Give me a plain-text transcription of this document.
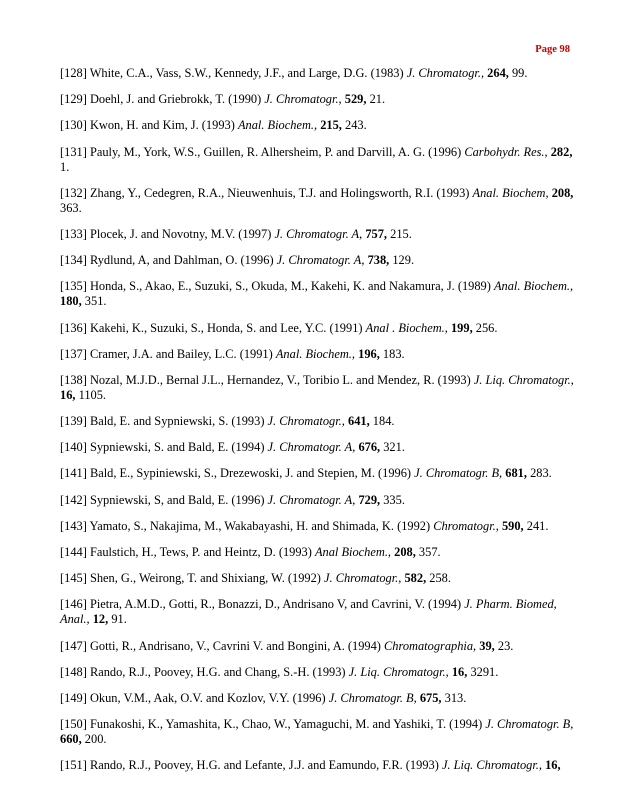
Page 98

[128] White, C.A., Vass, S.W., Kennedy, J.F., and Large, D.G. (1983) J. Chromatogr., 264, 99.

[129] Doehl, J. and Griebrokk, T. (1990) J. Chromatogr., 529, 21.

[130] Kwon, H. and Kim, J. (1993) Anal. Biochem., 215, 243.

[131] Pauly, M., York, W.S., Guillen, R. Alhersheim, P. and Darvill, A. G. (1996) Carbohydr. Res., 282, 1.

[132] Zhang, Y., Cedegren, R.A., Nieuwenhuis, T.J. and Holingsworth, R.I. (1993) Anal. Biochem, 208, 363.

[133] Plocek, J. and Novotny, M.V. (1997) J. Chromatogr. A, 757, 215.

[134] Rydlund, A, and Dahlman, O. (1996) J. Chromatogr. A, 738, 129.

[135] Honda, S., Akao, E., Suzuki, S., Okuda, M., Kakehi, K. and Nakamura, J. (1989) Anal. Biochem., 180, 351.

[136] Kakehi, K., Suzuki, S., Honda, S. and Lee, Y.C. (1991) Anal . Biochem., 199, 256.

[137] Cramer, J.A. and Bailey, L.C. (1991) Anal. Biochem., 196, 183.

[138] Nozal, M.J.D., Bernal J.L., Hernandez, V., Toribio L. and Mendez, R. (1993) J. Liq. Chromatogr., 16, 1105.

[139] Bald, E. and Sypniewski, S. (1993) J. Chromatogr., 641, 184.

[140] Sypniewski, S. and Bald, E. (1994) J. Chromatogr. A, 676, 321.

[141] Bald, E., Sypiniewski, S., Drezewoski, J. and Stepien, M. (1996) J. Chromatogr. B, 681, 283.

[142] Sypniewski, S, and Bald, E. (1996) J. Chromatogr. A, 729, 335.

[143] Yamato, S., Nakajima, M., Wakabayashi, H. and Shimada, K. (1992) Chromatogr., 590, 241.

[144] Faulstich, H., Tews, P. and Heintz, D. (1993) Anal Biochem., 208, 357.

[145] Shen, G., Weirong, T. and Shixiang, W. (1992) J. Chromatogr., 582, 258.

[146] Pietra, A.M.D., Gotti, R., Bonazzi, D., Andrisano V, and Cavrini, V. (1994) J. Pharm. Biomed, Anal., 12, 91.

[147] Gotti, R., Andrisano, V., Cavrini V. and Bongini, A. (1994) Chromatographia, 39, 23.

[148] Rando, R.J., Poovey, H.G. and Chang, S.-H. (1993) J. Liq. Chromatogr., 16, 3291.

[149] Okun, V.M., Aak, O.V. and Kozlov, V.Y. (1996) J. Chromatogr. B, 675, 313.

[150] Funakoshi, K., Yamashita, K., Chao, W., Yamaguchi, M. and Yashiki, T. (1994) J. Chromatogr. B, 660, 200.

[151] Rando, R.J., Poovey, H.G. and Lefante, J.J. and Eamundo, F.R. (1993) J. Liq. Chromatogr., 16,
